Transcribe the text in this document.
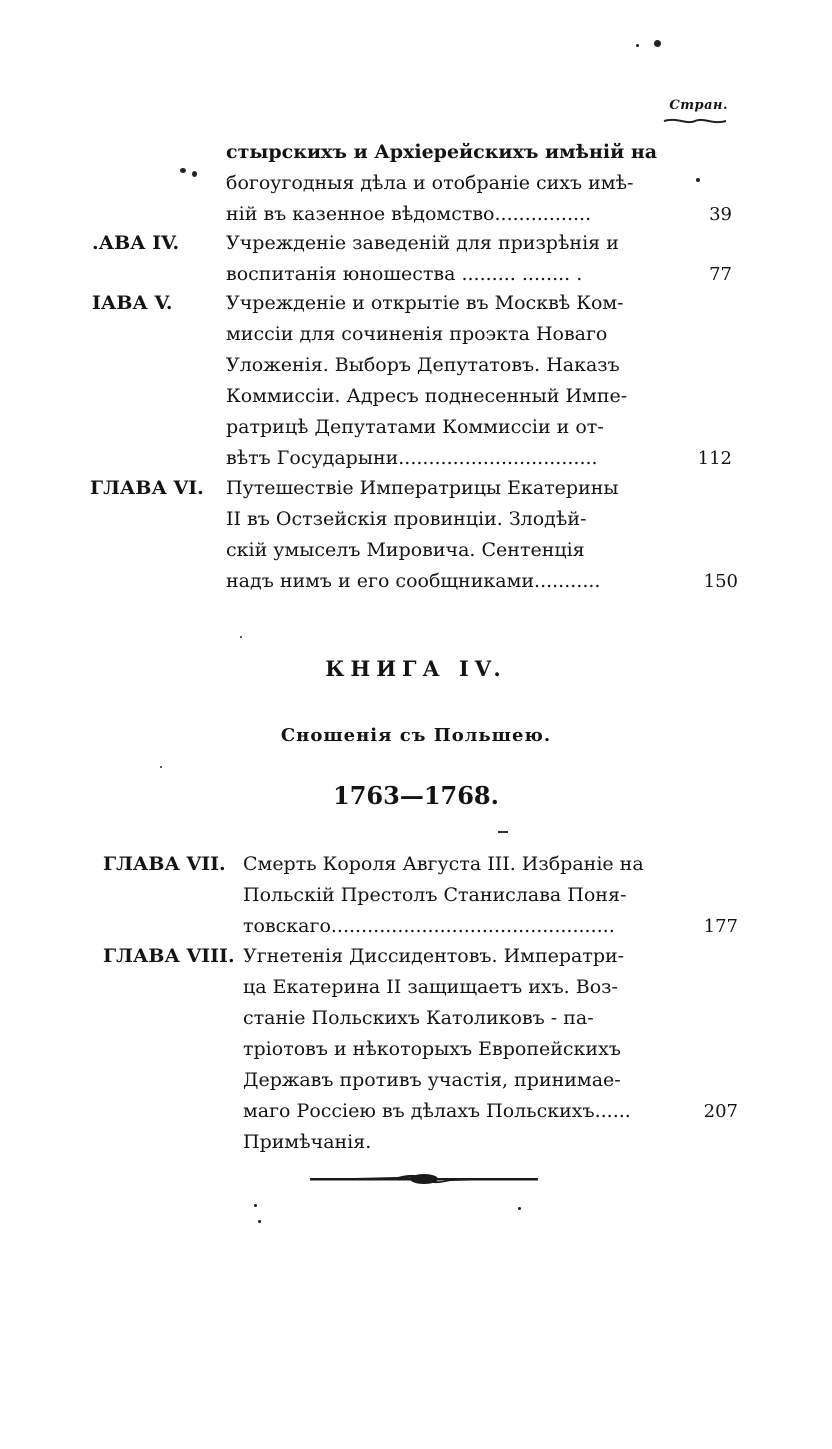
Стран.
стырскихъ и Архіерейскихъ имѣній на
богоугодныя дѣла и отобраніе сихъ имѣ-
ній въ казенное вѣдомство................	39
.АВА IV. Учрежденіе заведеній для призрѣнія и
воспитанія юношества ......... ........ .	77
ІАВА V.	Учрежденіе и открытіе въ Москвѣ Ком-
миссіи для сочиненія проэкта Новаго
Уложенія. Выборъ Депутатовъ. Наказъ
Коммиссіи. Адресъ поднесенный Импе-
ратрицѣ Депутатами Коммиссіи и от-
вѣтъ Государыни.................................	112
ГЛАВА VI. Путешествіе Императрицы Екатерины
II въ Остзейскія провинціи. Злодѣй-
скій умыселъ Мировича. Сентенція
надъ нимъ и его сообщниками...........	150
КНИГА IV.
Сношенія съ Польшею.
1763—1768.
ГЛАВА VII. Смерть Короля Августа III. Избраніе на
Польскій Престолъ Станислава Поня-
товскаго...............................................	177
ГЛАВА VIII. Угнетенія Диссидентовъ. Императри-
ца Екатерина II защищаетъ ихъ. Воз-
станіе Польскихъ Католиковъ - па-
тріотовъ и нѣкоторыхъ Европейскихъ
Державъ противъ участія, принимае-
маго Россіею въ дѣлахъ Польскихъ......	207
Примѣчанія.
